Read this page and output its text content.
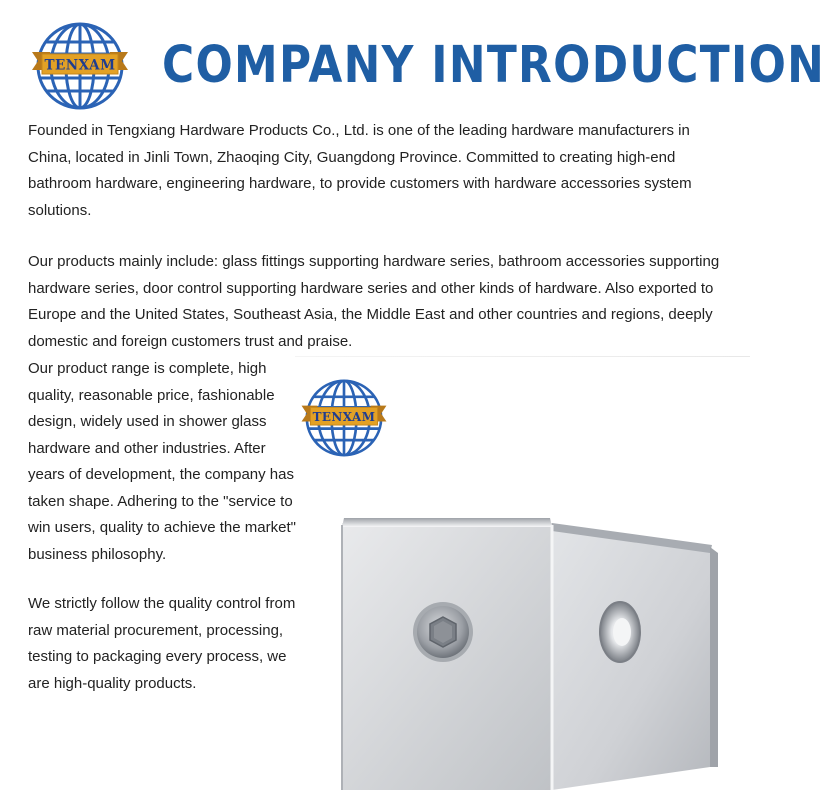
TENXAM COMPANY INTRODUCTION

Founded in Tengxiang Hardware Products Co., Ltd. is one of the leading hardware manufacturers in China, located in Jinli Town, Zhaoqing City, Guangdong Province. Committed to creating high-end bathroom hardware, engineering hardware, to provide customers with hardware accessories system solutions.

Our products mainly include: glass fittings supporting hardware series, bathroom accessories supporting hardware series, door control supporting hardware series and other kinds of hardware. Also exported to Europe and the United States, Southeast Asia, the Middle East and other countries and regions, deeply domestic and foreign customers trust and praise.

Our product range is complete, high quality, reasonable price, fashionable design, widely used in shower glass hardware and other industries. After years of development, the company has taken shape. Adhering to the "service to win users, quality to achieve the market" business philosophy.

We strictly follow the quality control from raw material procurement, processing, testing to packaging every process, we are high-quality products.

TENXAM
